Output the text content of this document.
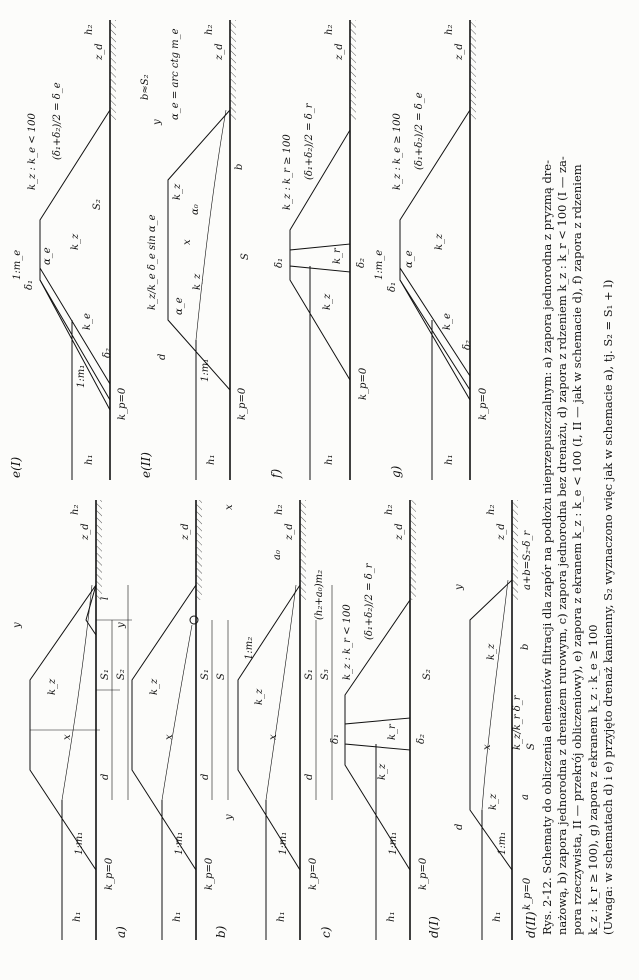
a)
h₁
1:m₁
k_p=0
d
x
k_z
S₁ S₂
l
y
z_d
h₂
b)
h₁
1:m₁
k_p=0
d
x
k_z
S₁ S
y
z_d
c)
h₁
1:m₁
k_p=0
d
x
k_z
1:m₂
S₁ S₃
(h₂+a₀)m₂
y
x
z_d
a₀
h₂
d(I)
h₁
1:m₁
k_p=0
δ₁
k_z
k_r δ₂
S₂
k_z : k_r < 100
(δ₁+δ₂)/2 = δ_r
z_d
h₂
d(II)
h₁
1:m₁
k_p=0
d
a
k_z
x k_z/k_r δ_r S
b
k_z
a+b=S₂-δ_r
y
z_d
h₂
e(I)	h₁
1:m₁
k_p=0
k_e
δ₁
δ₂
1:m_e α_e
k_z
S₂
k_z : k_e < 100 (δ₁+δ₂)/2 = δ_e
z_d
h₂
e(II)	h₁
1:m₁
k_p=0
d
α_e
k_z
x
k_z/k_e δ_e sin α_e	S
α₀
k_z
b
y
b≈S₂ α_e = arc ctg m_e	z_d
h₂
f)
h₁
k_p=0
k_z
δ₁	k_r δ₂
k_z : k_r ≥ 100 (δ₁+δ₂)/2 = δ_r
z_d
h₂
g)
h₁
k_p=0
k_e
1:m_e α_e
δ₁
δ₂
k_z
k_z : k_e ≥ 100 (δ₁+δ₂)/2 = δ_e
z_d
h₂
Rys. 2-12. Schematy do obliczenia elementów filtracji dla zapór na podłożu nieprzepuszczalnym: a) zapora jednorodna z pryzmą dre- nażową, b) zapora jednorodna z drenażem rurowym, c) zapora jednorodna bez drenażu, d) zapora z rdzeniem k_z : k_r < 100 (I — za- pora rzeczywista, II — przekrój obliczeniowy), e) zapora z ekranem k_z : k_e < 100 (I, II — jak w schemacie d), f) zapora z rdzeniem k_z : k_r ≥ 100), g) zapora z ekranem k_z : k_e ≥ 100 (Uwaga: w schematach d) i e) przyjęto drenaż kamienny, S₂ wyznaczono więc jak w schemacie a), tj. S₂ = S₁ + l)
